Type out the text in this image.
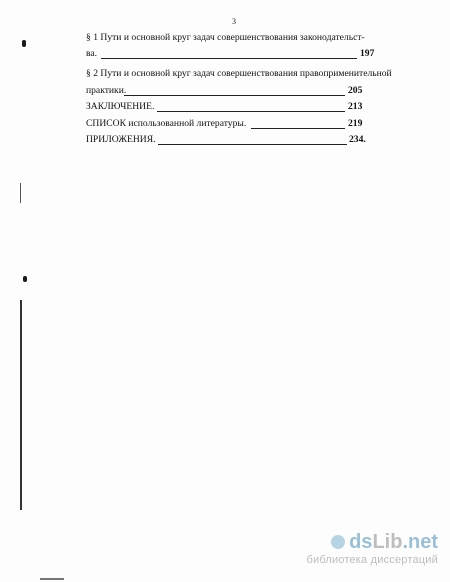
3
§ 1 Пути и основной круг задач совершенствования законодательст-
ва.	197
§ 2 Пути и основной круг задач совершенствования правоприменительной
практики.	205
ЗАКЛЮЧЕНИЕ.	213
СПИСОК использованной литературы.	219
ПРИЛОЖЕНИЯ.	234.
dsLib.net
библиотека диссертаций
